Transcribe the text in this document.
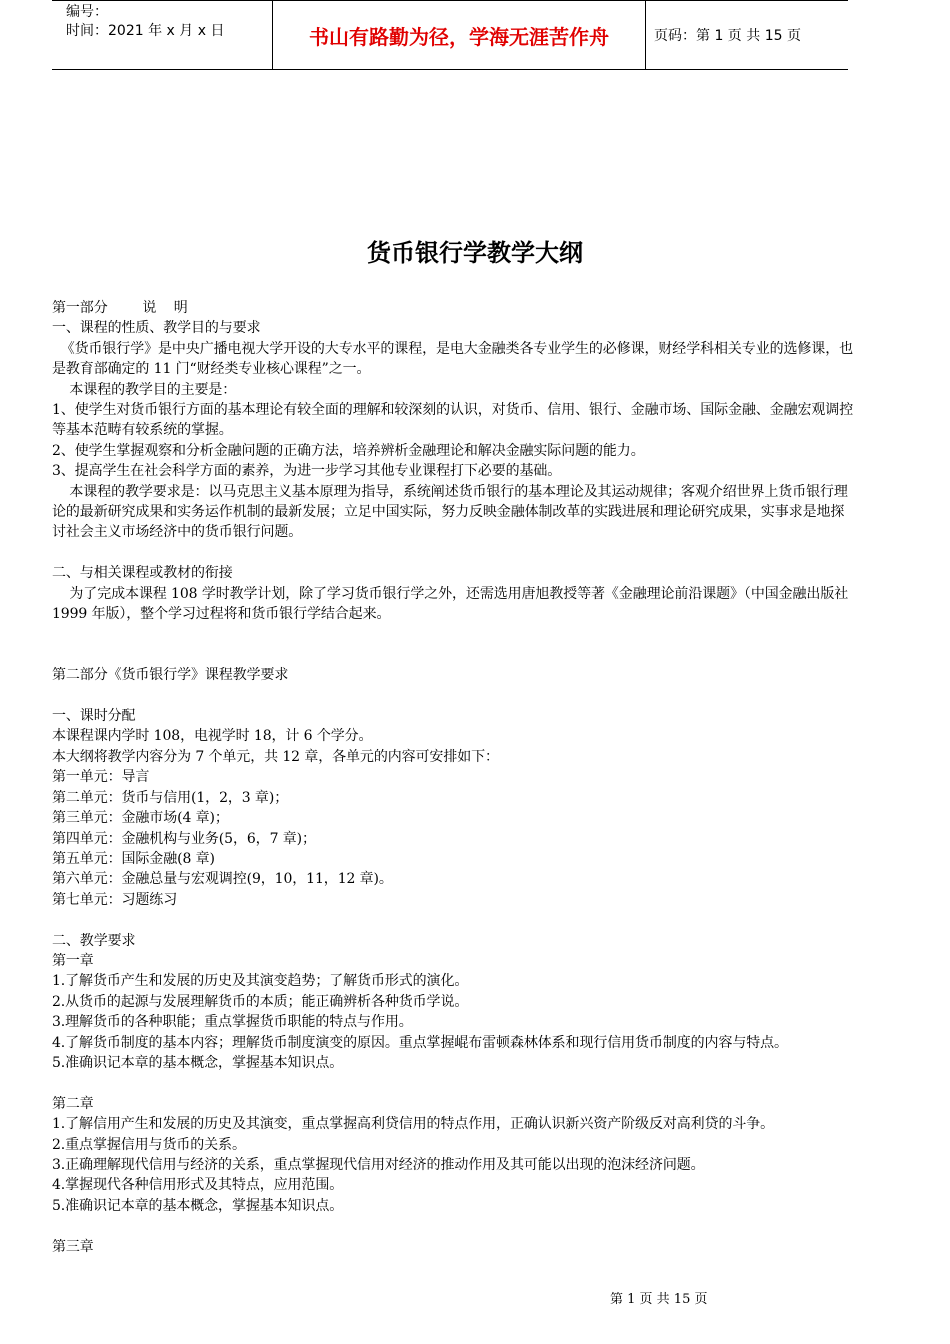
编号：
时间：2021 年 x 月 x 日	书山有路勤为径，学海无涯苦作舟	页码：第 1 页 共 15 页
货币银行学教学大纲

第一部分        说    明

一、课程的性质、教学目的与要求

《货币银行学》是中央广播电视大学开设的大专水平的课程，是电大金融类各专业学生的必修课，财经学科相关专业的选修课，也是教育部确定的 11 门“财经类专业核心课程”之一。

本课程的教学目的主要是：

1、使学生对货币银行方面的基本理论有较全面的理解和较深刻的认识，对货币、信用、银行、金融市场、国际金融、金融宏观调控等基本范畴有较系统的掌握。

2、使学生掌握观察和分析金融问题的正确方法，培养辨析金融理论和解决金融实际问题的能力。

3、提高学生在社会科学方面的素养，为进一步学习其他专业课程打下必要的基础。

本课程的教学要求是：以马克思主义基本原理为指导，系统阐述货币银行的基本理论及其运动规律；客观介绍世界上货币银行理论的最新研究成果和实务运作机制的最新发展；立足中国实际，努力反映金融体制改革的实践进展和理论研究成果，实事求是地探讨社会主义市场经济中的货币银行问题。

二、与相关课程或教材的衔接

为了完成本课程 108 学时教学计划，除了学习货币银行学之外，还需选用唐旭教授等著《金融理论前沿课题》（中国金融出版社 1999 年版），整个学习过程将和货币银行学结合起来。

第二部分《货币银行学》课程教学要求

一、课时分配

本课程课内学时 108，电视学时 18，计 6 个学分。

本大纲将教学内容分为 7 个单元，共 12 章，各单元的内容可安排如下：

第一单元：导言

第二单元：货币与信用(1，2，3 章)；

第三单元：金融市场(4 章)；

第四单元：金融机构与业务(5，6，7 章)；

第五单元：国际金融(8 章)

第六单元：金融总量与宏观调控(9，10，11，12 章)。

第七单元：习题练习

二、教学要求

第一章

1.了解货币产生和发展的历史及其演变趋势；了解货币形式的演化。

2.从货币的起源与发展理解货币的本质；能正确辨析各种货币学说。

3.理解货币的各种职能；重点掌握货币职能的特点与作用。

4.了解货币制度的基本内容；理解货币制度演变的原因。重点掌握崐布雷顿森林体系和现行信用货币制度的内容与特点。

5.准确识记本章的基本概念，掌握基本知识点。

第二章

1.了解信用产生和发展的历史及其演变，重点掌握高利贷信用的特点作用，正确认识新兴资产阶级反对高利贷的斗争。

2.重点掌握信用与货币的关系。

3.正确理解现代信用与经济的关系，重点掌握现代信用对经济的推动作用及其可能以出现的泡沫经济问题。

4.掌握现代各种信用形式及其特点，应用范围。

5.准确识记本章的基本概念，掌握基本知识点。

第三章

第 1 页 共 15 页
